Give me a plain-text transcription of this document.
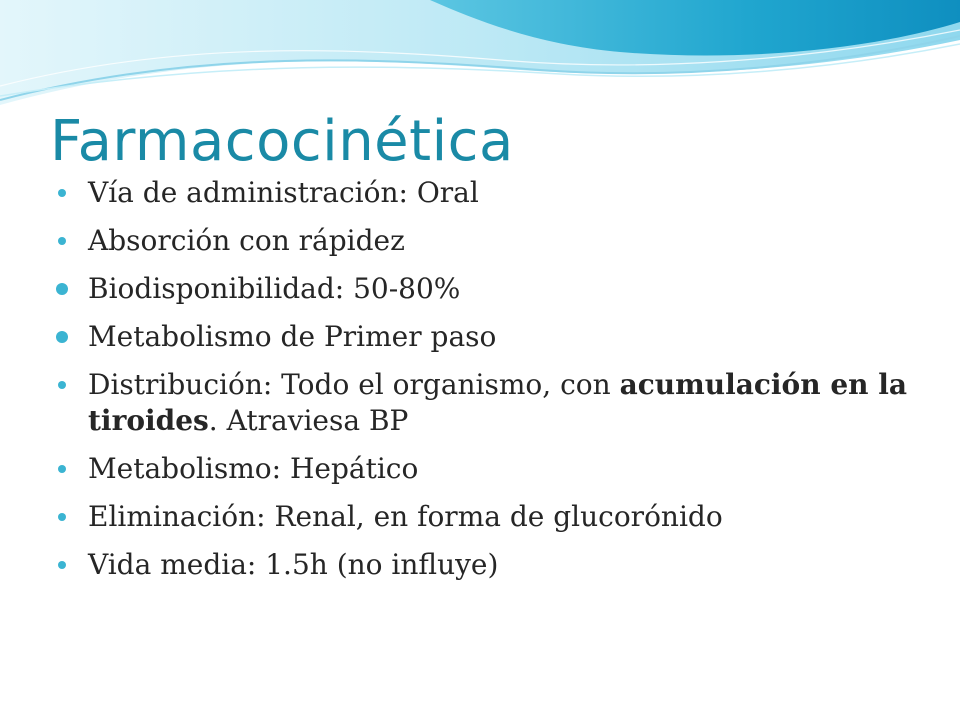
Farmacocinética
Vía de administración: Oral
Absorción con rápidez
Biodisponibilidad: 50-80%
Metabolismo de Primer paso
Distribución: Todo el organismo, con acumulación en la tiroides. Atraviesa BP
Metabolismo: Hepático
Eliminación: Renal, en forma de glucorónido
Vida media: 1.5h (no influye)
